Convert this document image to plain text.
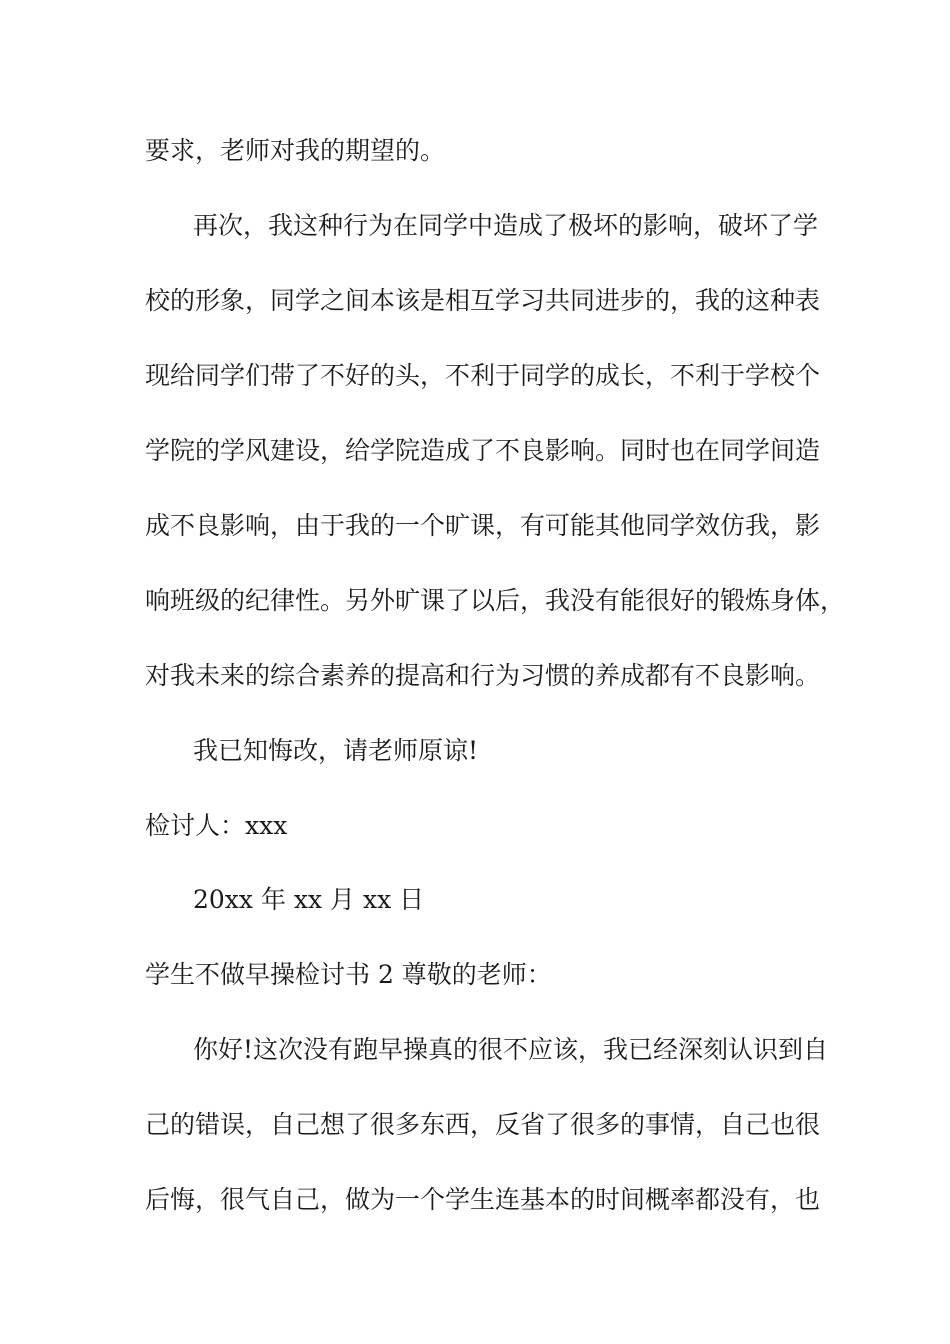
要求，老师对我的期望的。
再次，我这种行为在同学中造成了极坏的影响，破坏了学
校的形象，同学之间本该是相互学习共同进步的，我的这种表
现给同学们带了不好的头，不利于同学的成长，不利于学校个
学院的学风建设，给学院造成了不良影响。同时也在同学间造
成不良影响，由于我的一个旷课，有可能其他同学效仿我，影
响班级的纪律性。另外旷课了以后，我没有能很好的锻炼身体，
对我未来的综合素养的提高和行为习惯的养成都有不良影响。
我已知悔改，请老师原谅!
检讨人：xxx
20xx 年 xx 月 xx 日
学生不做早操检讨书 2 尊敬的老师：
你好!这次没有跑早操真的很不应该，我已经深刻认识到自
己的错误，自己想了很多东西，反省了很多的事情，自己也很
后悔，很气自己，做为一个学生连基本的时间概率都没有，也
